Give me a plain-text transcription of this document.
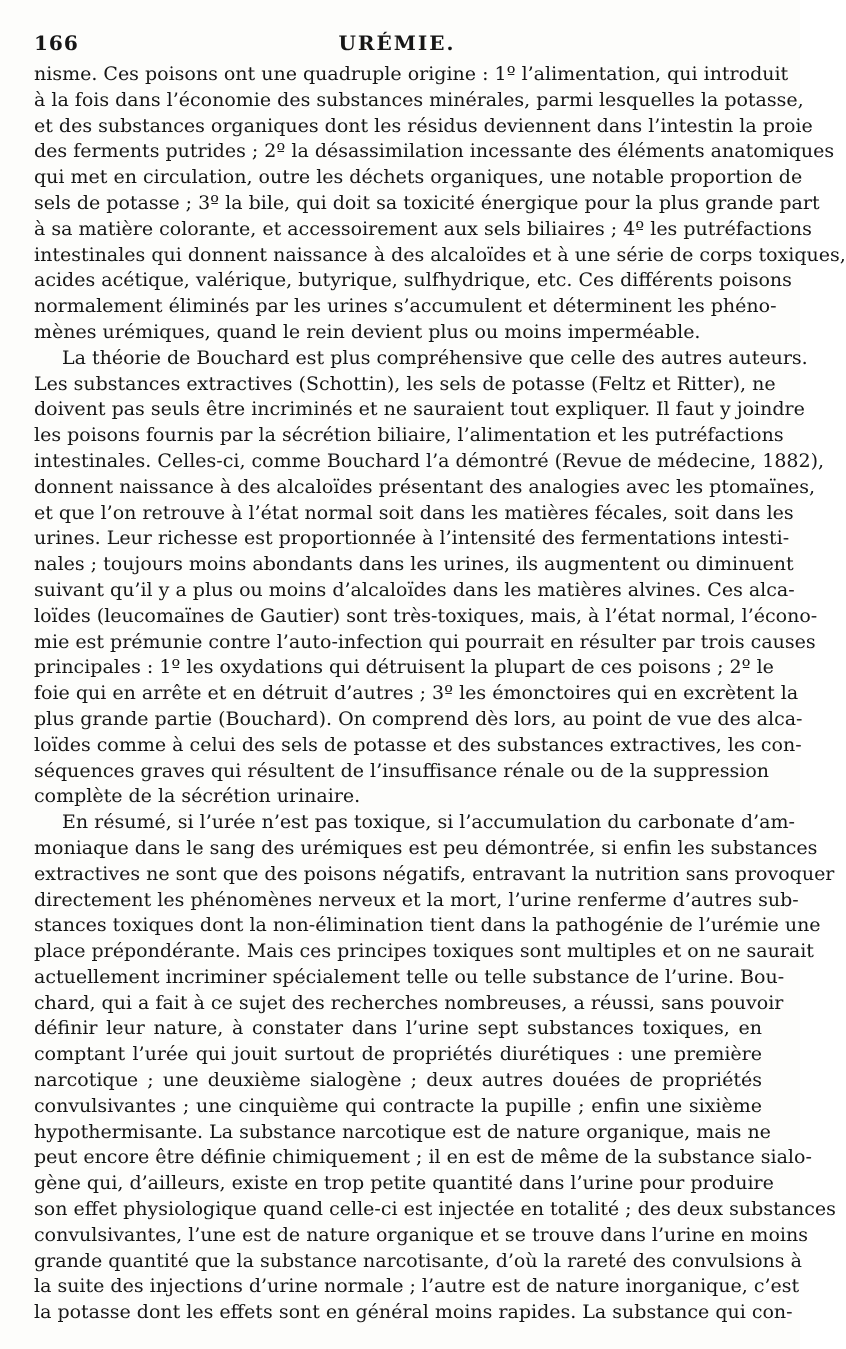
166	URÉMIE.
nisme. Ces poisons ont une quadruple origine : 1º l’alimentation, qui introduit
à la fois dans l’économie des substances minérales, parmi lesquelles la potasse,
et des substances organiques dont les résidus deviennent dans l’intestin la proie
des ferments putrides ; 2º la désassimilation incessante des éléments anatomiques
qui met en circulation, outre les déchets organiques, une notable proportion de
sels de potasse ; 3º la bile, qui doit sa toxicité énergique pour la plus grande part
à sa matière colorante, et accessoirement aux sels biliaires ; 4º les putréfactions
intestinales qui donnent naissance à des alcaloïdes et à une série de corps toxiques,
acides acétique, valérique, butyrique, sulfhydrique, etc. Ces différents poisons
normalement éliminés par les urines s’accumulent et déterminent les phéno-
mènes urémiques, quand le rein devient plus ou moins imperméable.
La théorie de Bouchard est plus compréhensive que celle des autres auteurs.
Les substances extractives (Schottin), les sels de potasse (Feltz et Ritter), ne
doivent pas seuls être incriminés et ne sauraient tout expliquer. Il faut y joindre
les poisons fournis par la sécrétion biliaire, l’alimentation et les putréfactions
intestinales. Celles-ci, comme Bouchard l’a démontré (Revue de médecine, 1882),
donnent naissance à des alcaloïdes présentant des analogies avec les ptomaïnes,
et que l’on retrouve à l’état normal soit dans les matières fécales, soit dans les
urines. Leur richesse est proportionnée à l’intensité des fermentations intesti-
nales ; toujours moins abondants dans les urines, ils augmentent ou diminuent
suivant qu’il y a plus ou moins d’alcaloïdes dans les matières alvines. Ces alca-
loïdes (leucomaïnes de Gautier) sont très-toxiques, mais, à l’état normal, l’écono-
mie est prémunie contre l’auto-infection qui pourrait en résulter par trois causes
principales : 1º les oxydations qui détruisent la plupart de ces poisons ; 2º le
foie qui en arrête et en détruit d’autres ; 3º les émonctoires qui en excrètent la
plus grande partie (Bouchard). On comprend dès lors, au point de vue des alca-
loïdes comme à celui des sels de potasse et des substances extractives, les con-
séquences graves qui résultent de l’insuffisance rénale ou de la suppression
complète de la sécrétion urinaire.
En résumé, si l’urée n’est pas toxique, si l’accumulation du carbonate d’am-
moniaque dans le sang des urémiques est peu démontrée, si enfin les substances
extractives ne sont que des poisons négatifs, entravant la nutrition sans provoquer
directement les phénomènes nerveux et la mort, l’urine renferme d’autres sub-
stances toxiques dont la non-élimination tient dans la pathogénie de l’urémie une
place prépondérante. Mais ces principes toxiques sont multiples et on ne saurait
actuellement incriminer spécialement telle ou telle substance de l’urine. Bou-
chard, qui a fait à ce sujet des recherches nombreuses, a réussi, sans pouvoir
définir leur nature, à constater dans l’urine sept substances toxiques, en
comptant l’urée qui jouit surtout de propriétés diurétiques : une première
narcotique ; une deuxième sialogène ; deux autres douées de propriétés
convulsivantes ; une cinquième qui contracte la pupille ; enfin une sixième
hypothermisante. La substance narcotique est de nature organique, mais ne
peut encore être définie chimiquement ; il en est de même de la substance sialo-
gène qui, d’ailleurs, existe en trop petite quantité dans l’urine pour produire
son effet physiologique quand celle-ci est injectée en totalité ; des deux substances
convulsivantes, l’une est de nature organique et se trouve dans l’urine en moins
grande quantité que la substance narcotisante, d’où la rareté des convulsions à
la suite des injections d’urine normale ; l’autre est de nature inorganique, c’est
la potasse dont les effets sont en général moins rapides. La substance qui con-
